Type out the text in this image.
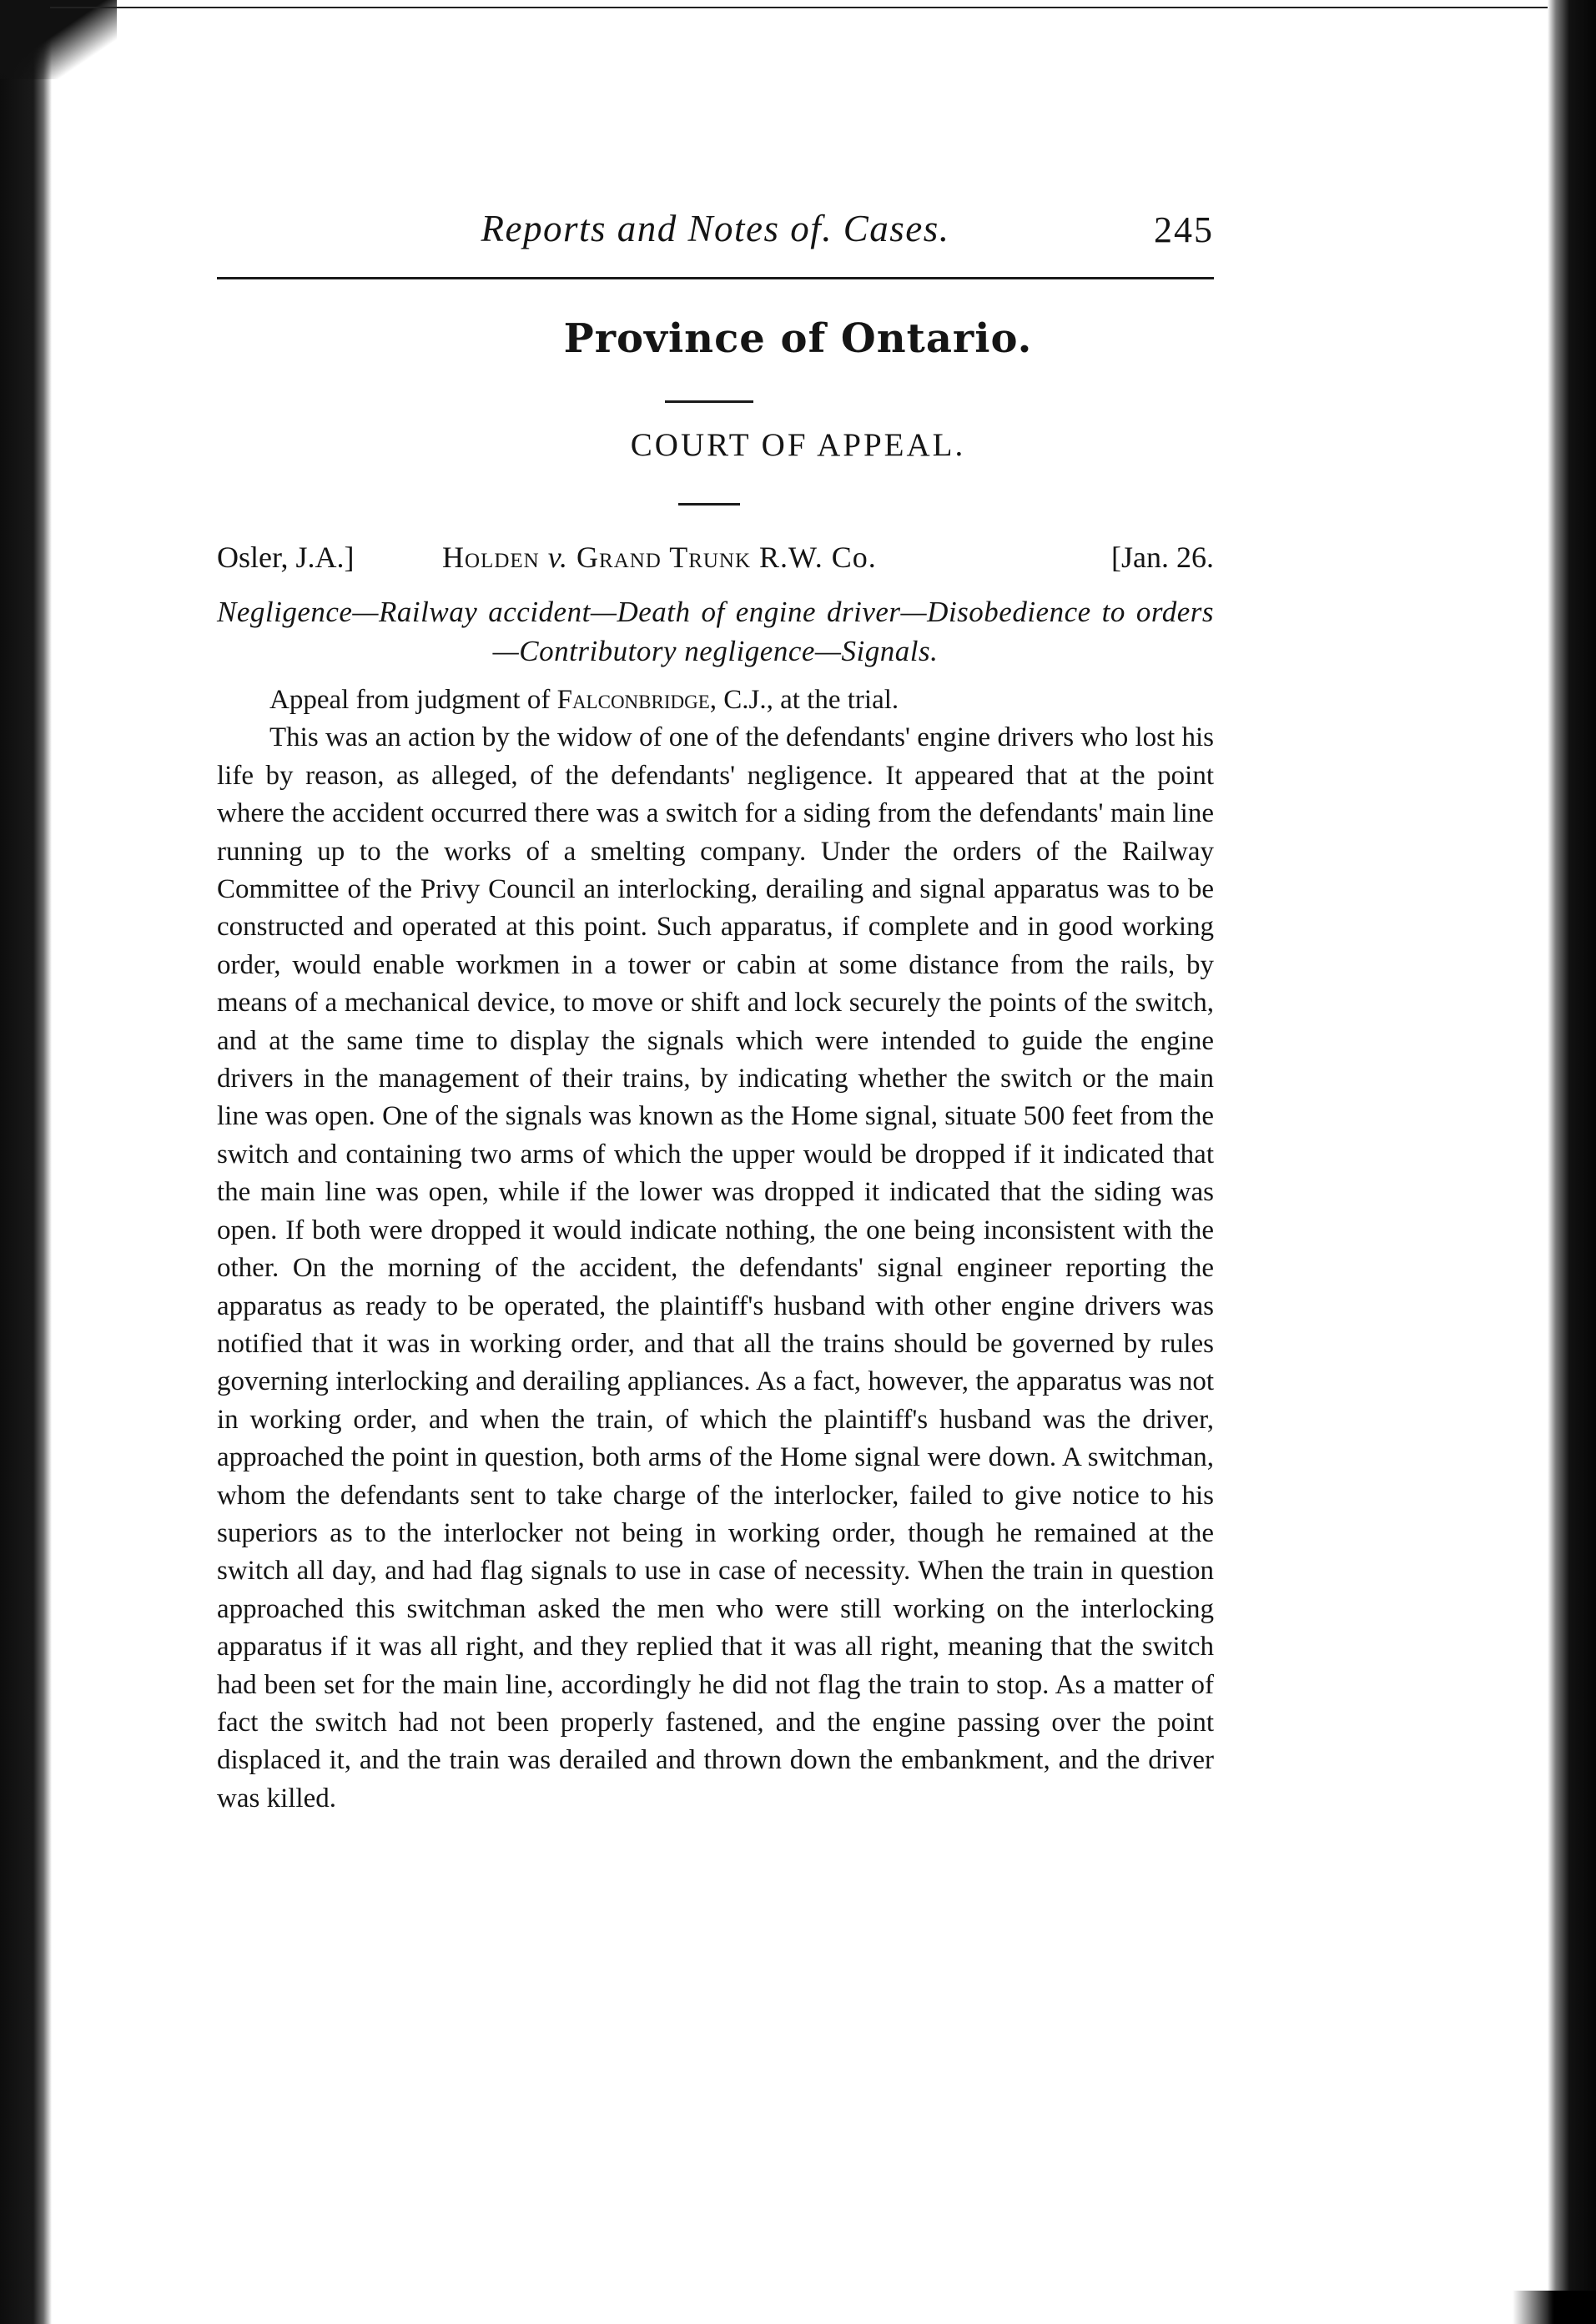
Reports and Notes of. Cases.	245
Province of Ontario.
COURT OF APPEAL.
Osler, J.A.]	Holden v. Grand Trunk R.W. Co.	[Jan. 26.
Negligence—Railway accident—Death of engine driver—Disobedience to orders—Contributory negligence—Signals.

Appeal from judgment of Falconbridge, C.J., at the trial.

This was an action by the widow of one of the defendants' engine drivers who lost his life by reason, as alleged, of the defendants' negligence. It appeared that at the point where the accident occurred there was a switch for a siding from the defendants' main line running up to the works of a smelting company. Under the orders of the Railway Committee of the Privy Council an interlocking, derailing and signal apparatus was to be constructed and operated at this point. Such apparatus, if complete and in good working order, would enable workmen in a tower or cabin at some distance from the rails, by means of a mechanical device, to move or shift and lock securely the points of the switch, and at the same time to display the signals which were intended to guide the engine drivers in the management of their trains, by indicating whether the switch or the main line was open. One of the signals was known as the Home signal, situate 500 feet from the switch and containing two arms of which the upper would be dropped if it indicated that the main line was open, while if the lower was dropped it indicated that the siding was open. If both were dropped it would indicate nothing, the one being inconsistent with the other. On the morning of the accident, the defendants' signal engineer reporting the apparatus as ready to be operated, the plaintiff's husband with other engine drivers was notified that it was in working order, and that all the trains should be governed by rules governing interlocking and derailing appliances. As a fact, however, the apparatus was not in working order, and when the train, of which the plaintiff's husband was the driver, approached the point in question, both arms of the Home signal were down. A switchman, whom the defendants sent to take charge of the interlocker, failed to give notice to his superiors as to the interlocker not being in working order, though he remained at the switch all day, and had flag signals to use in case of necessity. When the train in question approached this switchman asked the men who were still working on the interlocking apparatus if it was all right, and they replied that it was all right, meaning that the switch had been set for the main line, accordingly he did not flag the train to stop. As a matter of fact the switch had not been properly fastened, and the engine passing over the point displaced it, and the train was derailed and thrown down the embankment, and the driver was killed.
